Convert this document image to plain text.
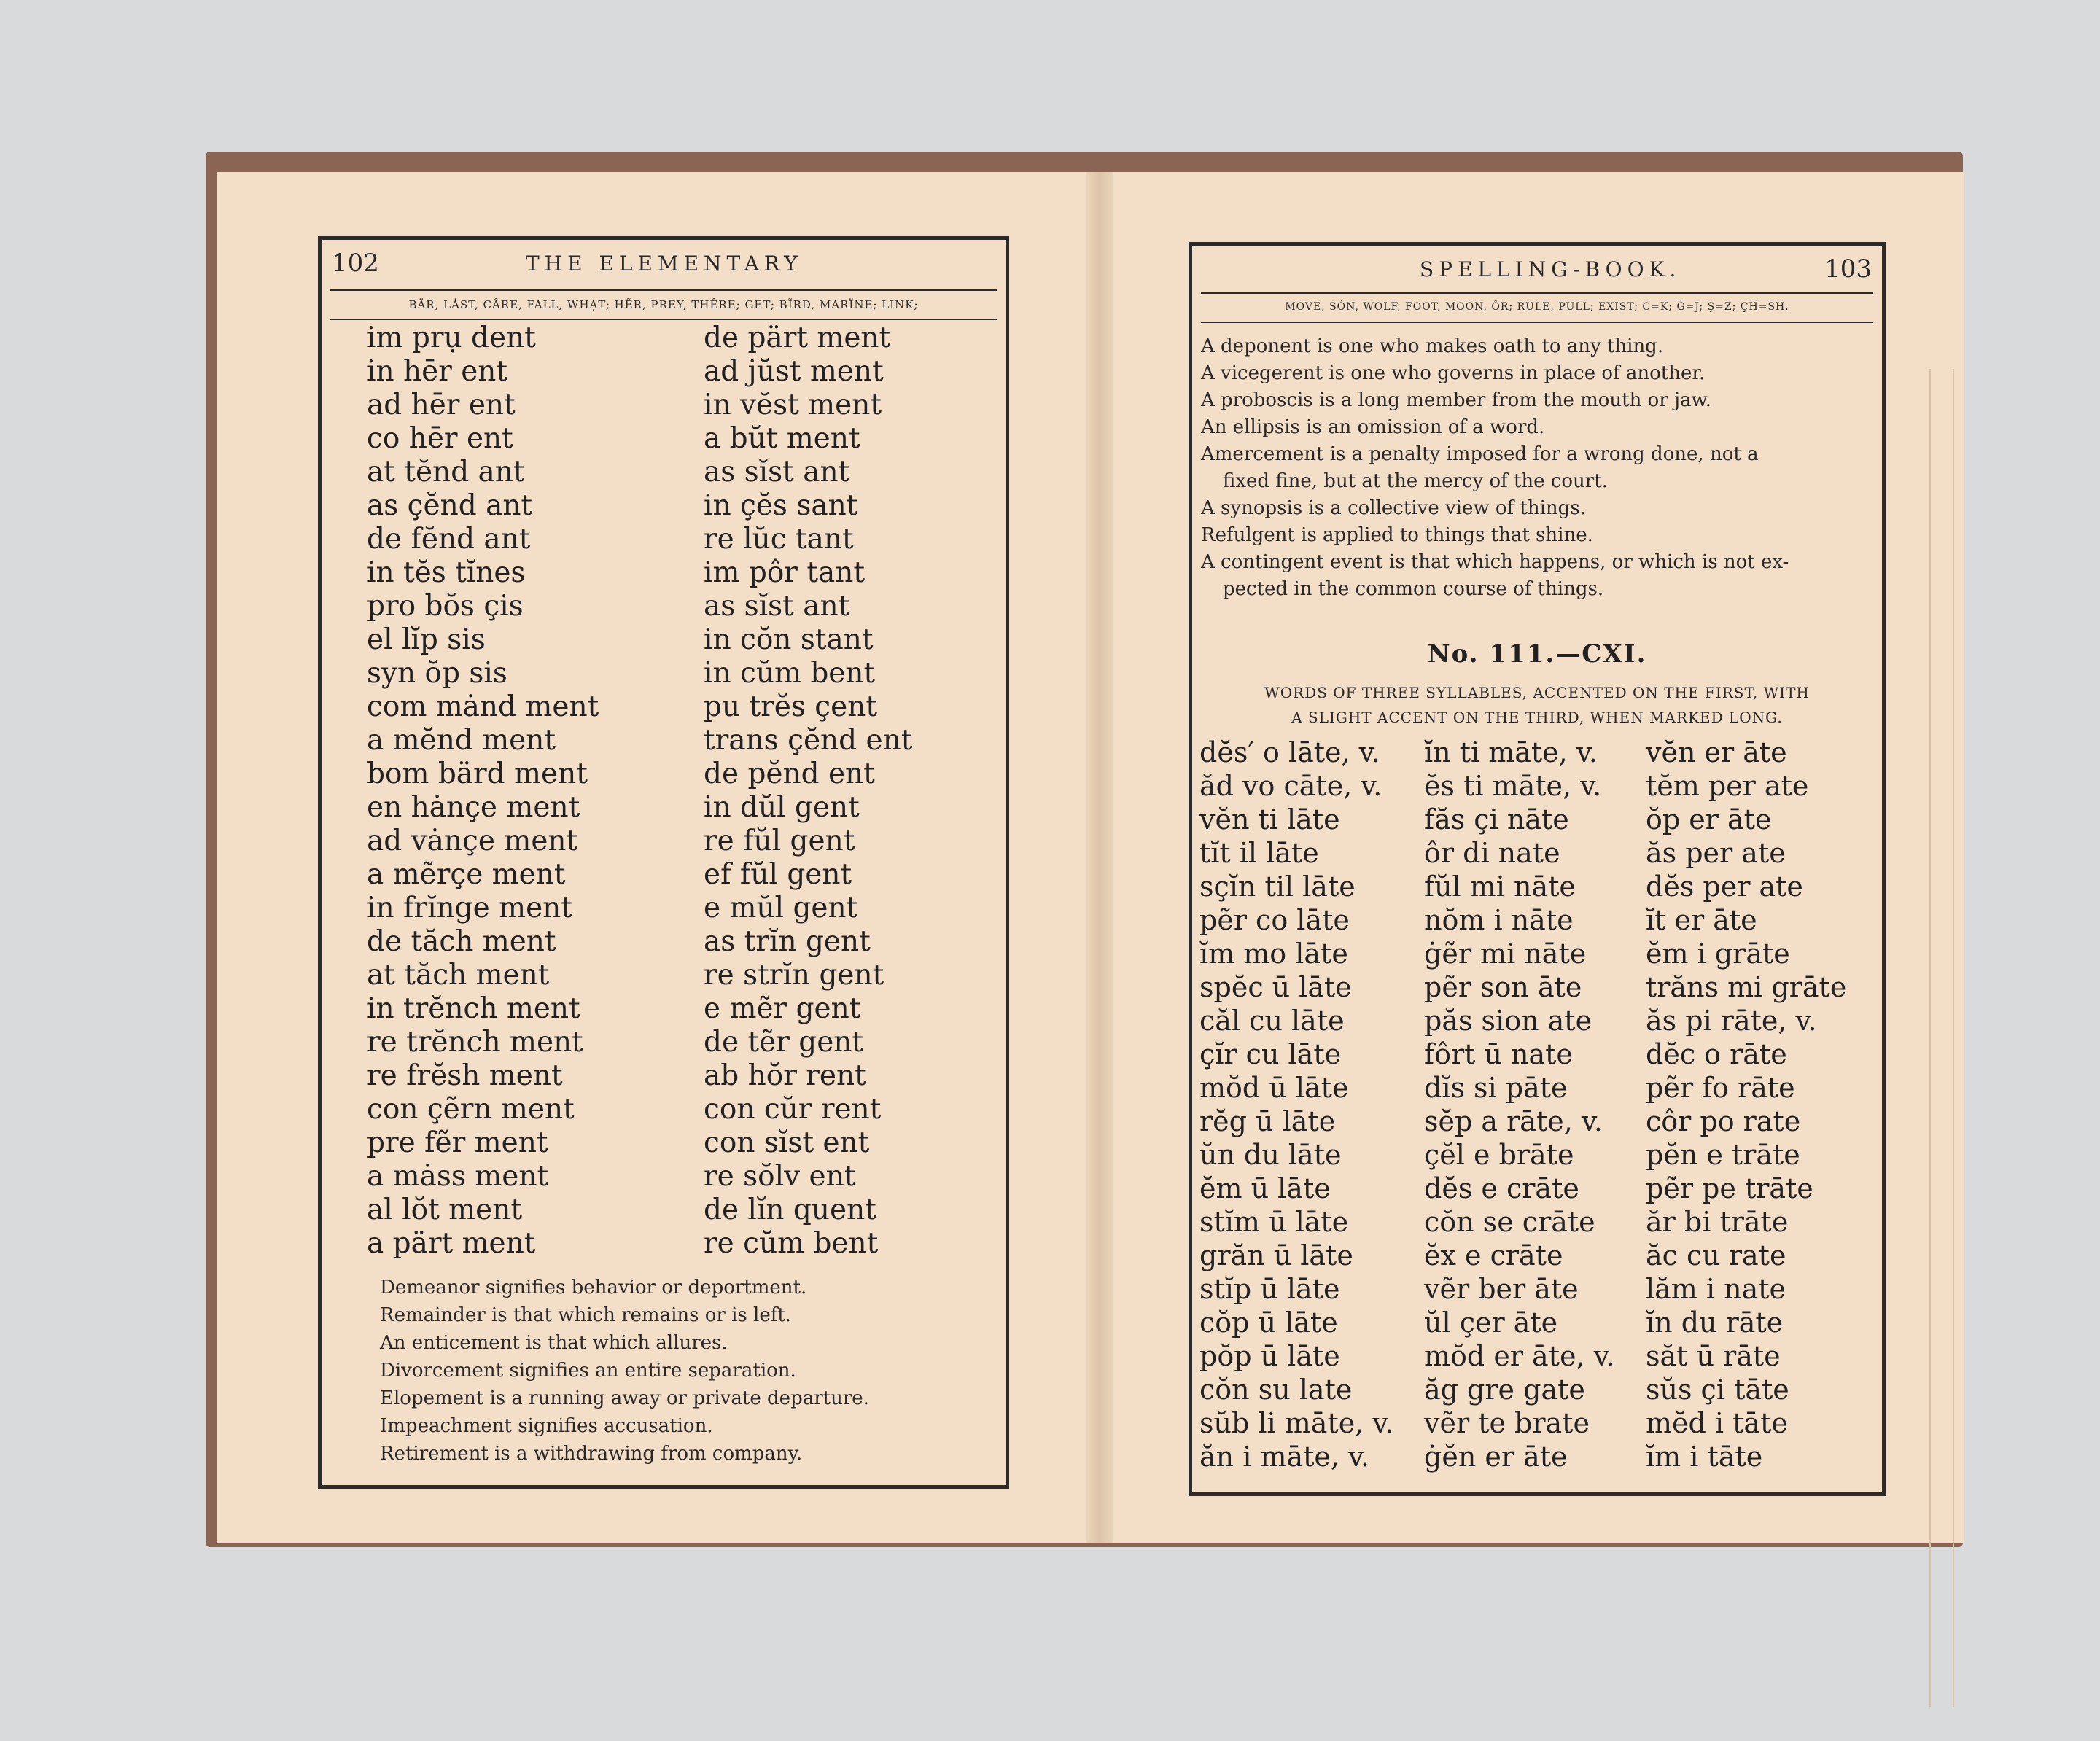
102	THE ELEMENTARY
BÄR, LȦST, CÂRE, FALL, WHẠT; HẼR, PREY, THÊRE; GET; BĨRD, MARÏNE; LINK;
im prụ dent
in hēr ent
ad hēr ent
co hēr ent
at tĕnd ant
as çĕnd ant
de fĕnd ant
in tĕs tĭnes
pro bŏs çis
el lĭp sis
syn ŏp sis
com mȧnd ment
a mĕnd ment
bom bärd ment
en hȧnçe ment
ad vȧnçe ment
a mẽrçe ment
in frĭnge ment
de tăch ment
at tăch ment
in trĕnch ment
re trĕnch ment
re frĕsh ment
con çẽrn ment
pre fẽr ment
a mȧss ment
al lŏt ment
a pärt ment
de pärt ment
ad jŭst ment
in vĕst ment
a bŭt ment
as sĭst ant
in çĕs sant
re lŭc tant
im pôr tant
as sĭst ant
in cŏn stant
in cŭm bent
pu trĕs çent
trans çĕnd ent
de pĕnd ent
in dŭl gent
re fŭl gent
ef fŭl gent
e mŭl gent
as trĭn gent
re strĭn gent
e mẽr gent
de tẽr gent
ab hŏr rent
con cŭr rent
con sĭst ent
re sŏlv ent
de lĭn quent
re cŭm bent
Demeanor signifies behavior or deportment.
Remainder is that which remains or is left.
An enticement is that which allures.
Divorcement signifies an entire separation.
Elopement is a running away or private departure.
Impeachment signifies accusation.
Retirement is a withdrawing from company.
SPELLING-BOOK.	103
MOVE, SÓN, WOLF, FOOT, MOON, ÔR; RULE, PULL; EXIST; C=K; Ġ=J; Ş=Z; ÇH=SH.
A deponent is one who makes oath to any thing.
A vicegerent is one who governs in place of another.
A proboscis is a long member from the mouth or jaw.
An ellipsis is an omission of a word.
Amercement is a penalty imposed for a wrong done, not a
fixed fine, but at the mercy of the court.
A synopsis is a collective view of things.
Refulgent is applied to things that shine.
A contingent event is that which happens, or which is not ex-
pected in the common course of things.
No. 111.—CXI.
WORDS OF THREE SYLLABLES, ACCENTED ON THE FIRST, WITH
A SLIGHT ACCENT ON THE THIRD, WHEN MARKED LONG.
dĕs′ o lāte, v.
ăd vo cāte, v.
vĕn ti lāte
tĭt il lāte
sçĭn til lāte
pẽr co lāte
ĭm mo lāte
spĕc ū lāte
căl cu lāte
çĭr cu lāte
mŏd ū lāte
rĕg ū lāte
ŭn du lāte
ĕm ū lāte
stĭm ū lāte
grăn ū lāte
stĭp ū lāte
cŏp ū lāte
pŏp ū lāte
cŏn su late
sŭb li māte, v.
ăn i māte, v.
ĭn ti māte, v.
ĕs ti māte, v.
făs çi nāte
ôr di nate
fŭl mi nāte
nŏm i nāte
ġẽr mi nāte
pẽr son āte
păs sion ate
fôrt ū nate
dĭs si pāte
sĕp a rāte, v.
çĕl e brāte
dĕs e crāte
cŏn se crāte
ĕx e crāte
vẽr ber āte
ŭl çer āte
mŏd er āte, v.
ăg gre gate
vẽr te brate
ġĕn er āte
vĕn er āte
tĕm per ate
ŏp er āte
ăs per ate
dĕs per ate
ĭt er āte
ĕm i grāte
trăns mi grāte
ăs pi rāte, v.
dĕc o rāte
pẽr fo rāte
côr po rate
pĕn e trāte
pẽr pe trāte
ăr bi trāte
ăc cu rate
lăm i nate
ĭn du rāte
săt ū rāte
sŭs çi tāte
mĕd i tāte
ĭm i tāte
